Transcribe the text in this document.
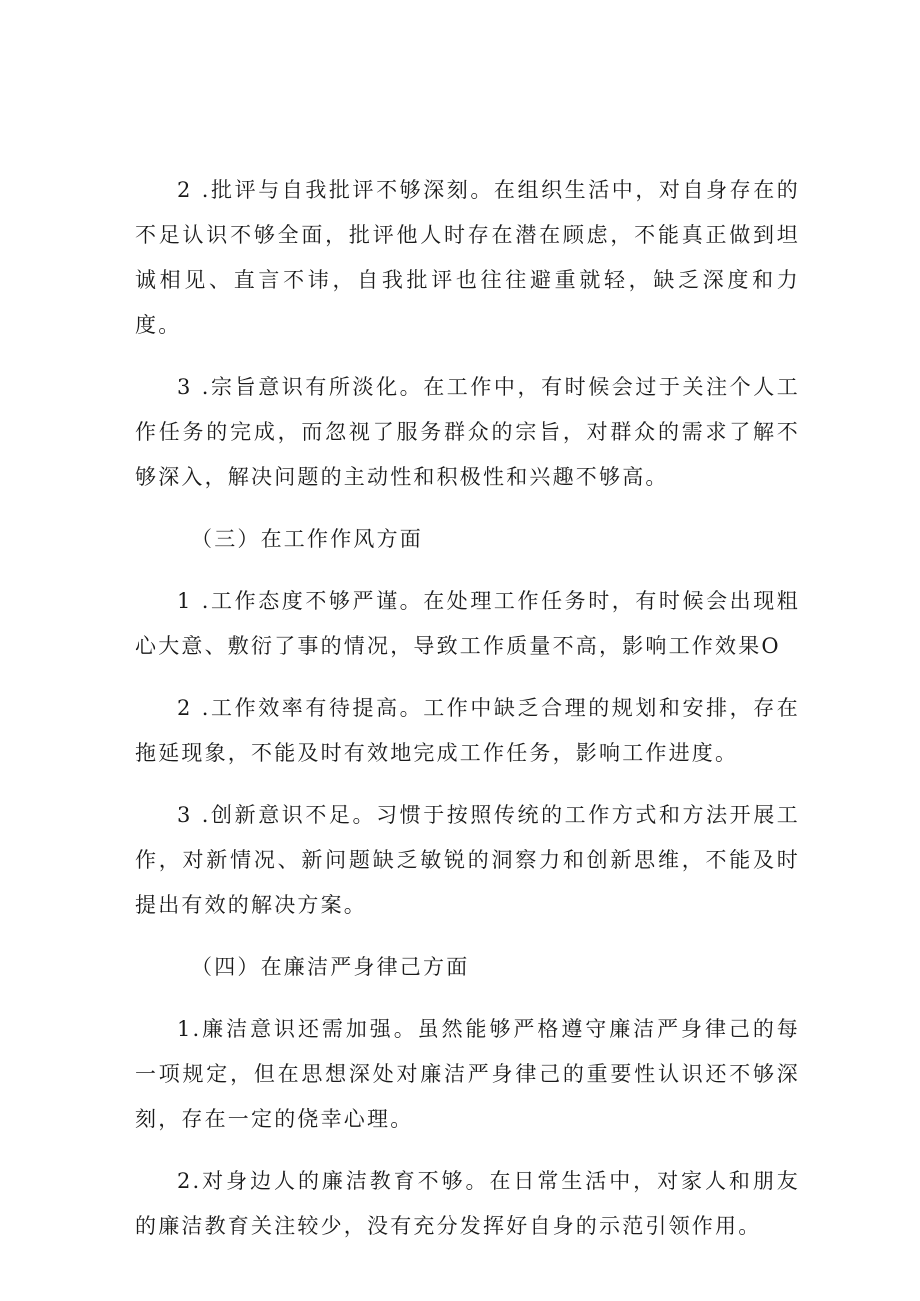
2 .批评与自我批评不够深刻。在组织生活中，对自身存在的不足认识不够全面，批评他人时存在潜在顾虑，不能真正做到坦诚相见、直言不讳，自我批评也往往避重就轻，缺乏深度和力度。

3 .宗旨意识有所淡化。在工作中，有时候会过于关注个人工作任务的完成，而忽视了服务群众的宗旨，对群众的需求了解不够深入，解决问题的主动性和积极性和兴趣不够高。

（三）在工作作风方面

1 .工作态度不够严谨。在处理工作任务时，有时候会出现粗心大意、敷衍了事的情况，导致工作质量不高，影响工作效果O

2 .工作效率有待提高。工作中缺乏合理的规划和安排，存在拖延现象，不能及时有效地完成工作任务，影响工作进度。

3 .创新意识不足。习惯于按照传统的工作方式和方法开展工作，对新情况、新问题缺乏敏锐的洞察力和创新思维，不能及时提出有效的解决方案。

（四）在廉洁严身律己方面

1.廉洁意识还需加强。虽然能够严格遵守廉洁严身律己的每一项规定，但在思想深处对廉洁严身律己的重要性认识还不够深刻，存在一定的侥幸心理。

2.对身边人的廉洁教育不够。在日常生活中，对家人和朋友的廉洁教育关注较少，没有充分发挥好自身的示范引领作用。
